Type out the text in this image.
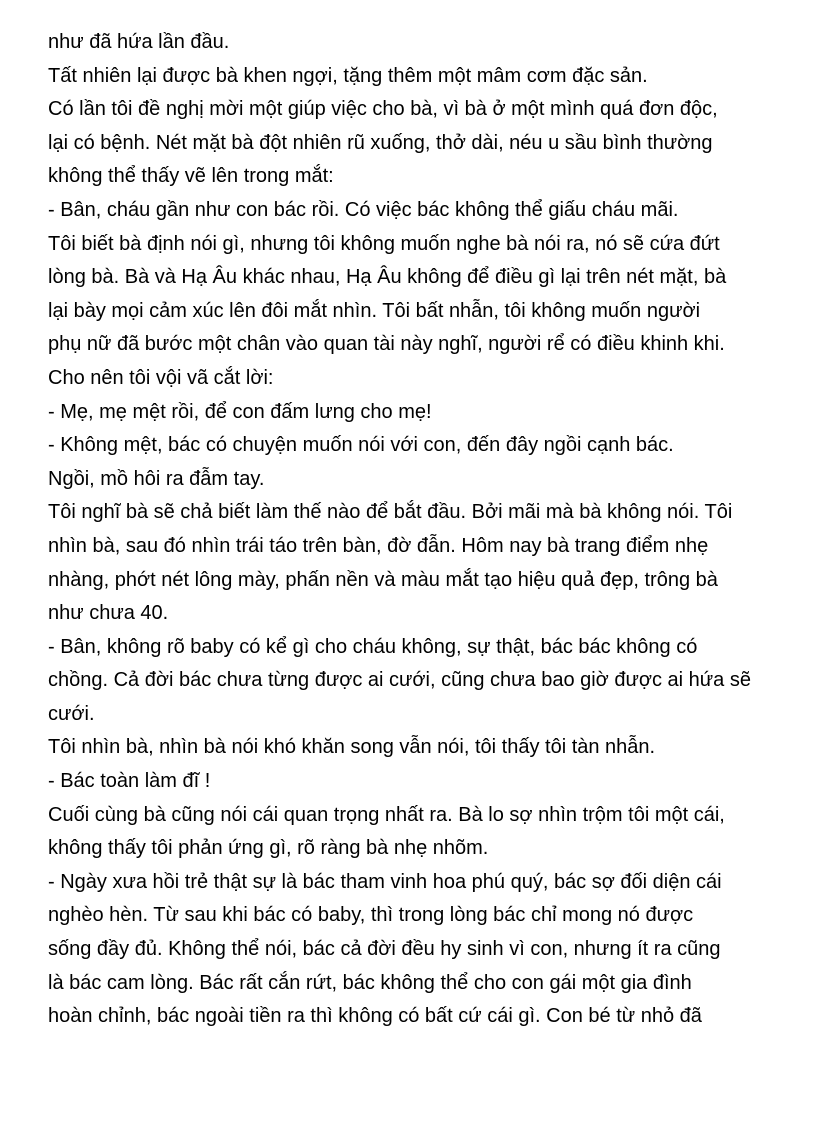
như đã hứa lần đầu.
Tất nhiên lại được bà khen ngợi, tặng thêm một mâm cơm đặc sản.
Có lần tôi đề nghị mời một giúp việc cho bà, vì bà ở một mình quá đơn độc,
lại có bệnh. Nét mặt bà đột nhiên rũ xuống, thở dài, néu u sầu bình thường
không thể thấy vẽ lên trong mắt:
- Bân, cháu gần như con bác rồi. Có việc bác không thể giấu cháu mãi.
Tôi biết bà định nói gì, nhưng tôi không muốn nghe bà nói ra, nó sẽ cứa đứt
lòng bà. Bà và Hạ Âu khác nhau, Hạ Âu không để điều gì lại trên nét mặt, bà
lại bày mọi cảm xúc lên đôi mắt nhìn. Tôi bất nhẫn, tôi không muốn người
phụ nữ đã bước một chân vào quan tài này nghĩ, người rể có điều khinh khi.
Cho nên tôi vội vã cắt lời:
- Mẹ, mẹ mệt rồi, để con đấm lưng cho mẹ!
- Không mệt, bác có chuyện muốn nói với con, đến đây ngồi cạnh bác.
Ngồi, mồ hôi ra đẫm tay.
Tôi nghĩ bà sẽ chả biết làm thế nào để bắt đầu. Bởi mãi mà bà không nói. Tôi
nhìn bà, sau đó nhìn trái táo trên bàn, đờ đẫn. Hôm nay bà trang điểm nhẹ
nhàng, phớt nét lông mày, phấn nền và màu mắt tạo hiệu quả đẹp, trông bà
như chưa 40.
- Bân, không rõ baby có kể gì cho cháu không, sự thật, bác bác không có
chồng. Cả đời bác chưa từng được ai cưới, cũng chưa bao giờ được ai hứa sẽ
cưới.
Tôi nhìn bà, nhìn bà nói khó khăn song vẫn nói, tôi thấy tôi tàn nhẫn.
- Bác toàn làm đĩ !
Cuối cùng bà cũng nói cái quan trọng nhất ra. Bà lo sợ nhìn trộm tôi một cái,
không thấy tôi phản ứng gì, rõ ràng bà nhẹ nhõm.
- Ngày xưa hồi trẻ thật sự là bác tham vinh hoa phú quý, bác sợ đối diện cái
nghèo hèn. Từ sau khi bác có baby, thì trong lòng bác chỉ mong nó được
sống đầy đủ. Không thể nói, bác cả đời đều hy sinh vì con, nhưng ít ra cũng
là bác cam lòng. Bác rất cắn rứt, bác không thể cho con gái một gia đình
hoàn chỉnh, bác ngoài tiền ra thì không có bất cứ cái gì. Con bé từ nhỏ đã
